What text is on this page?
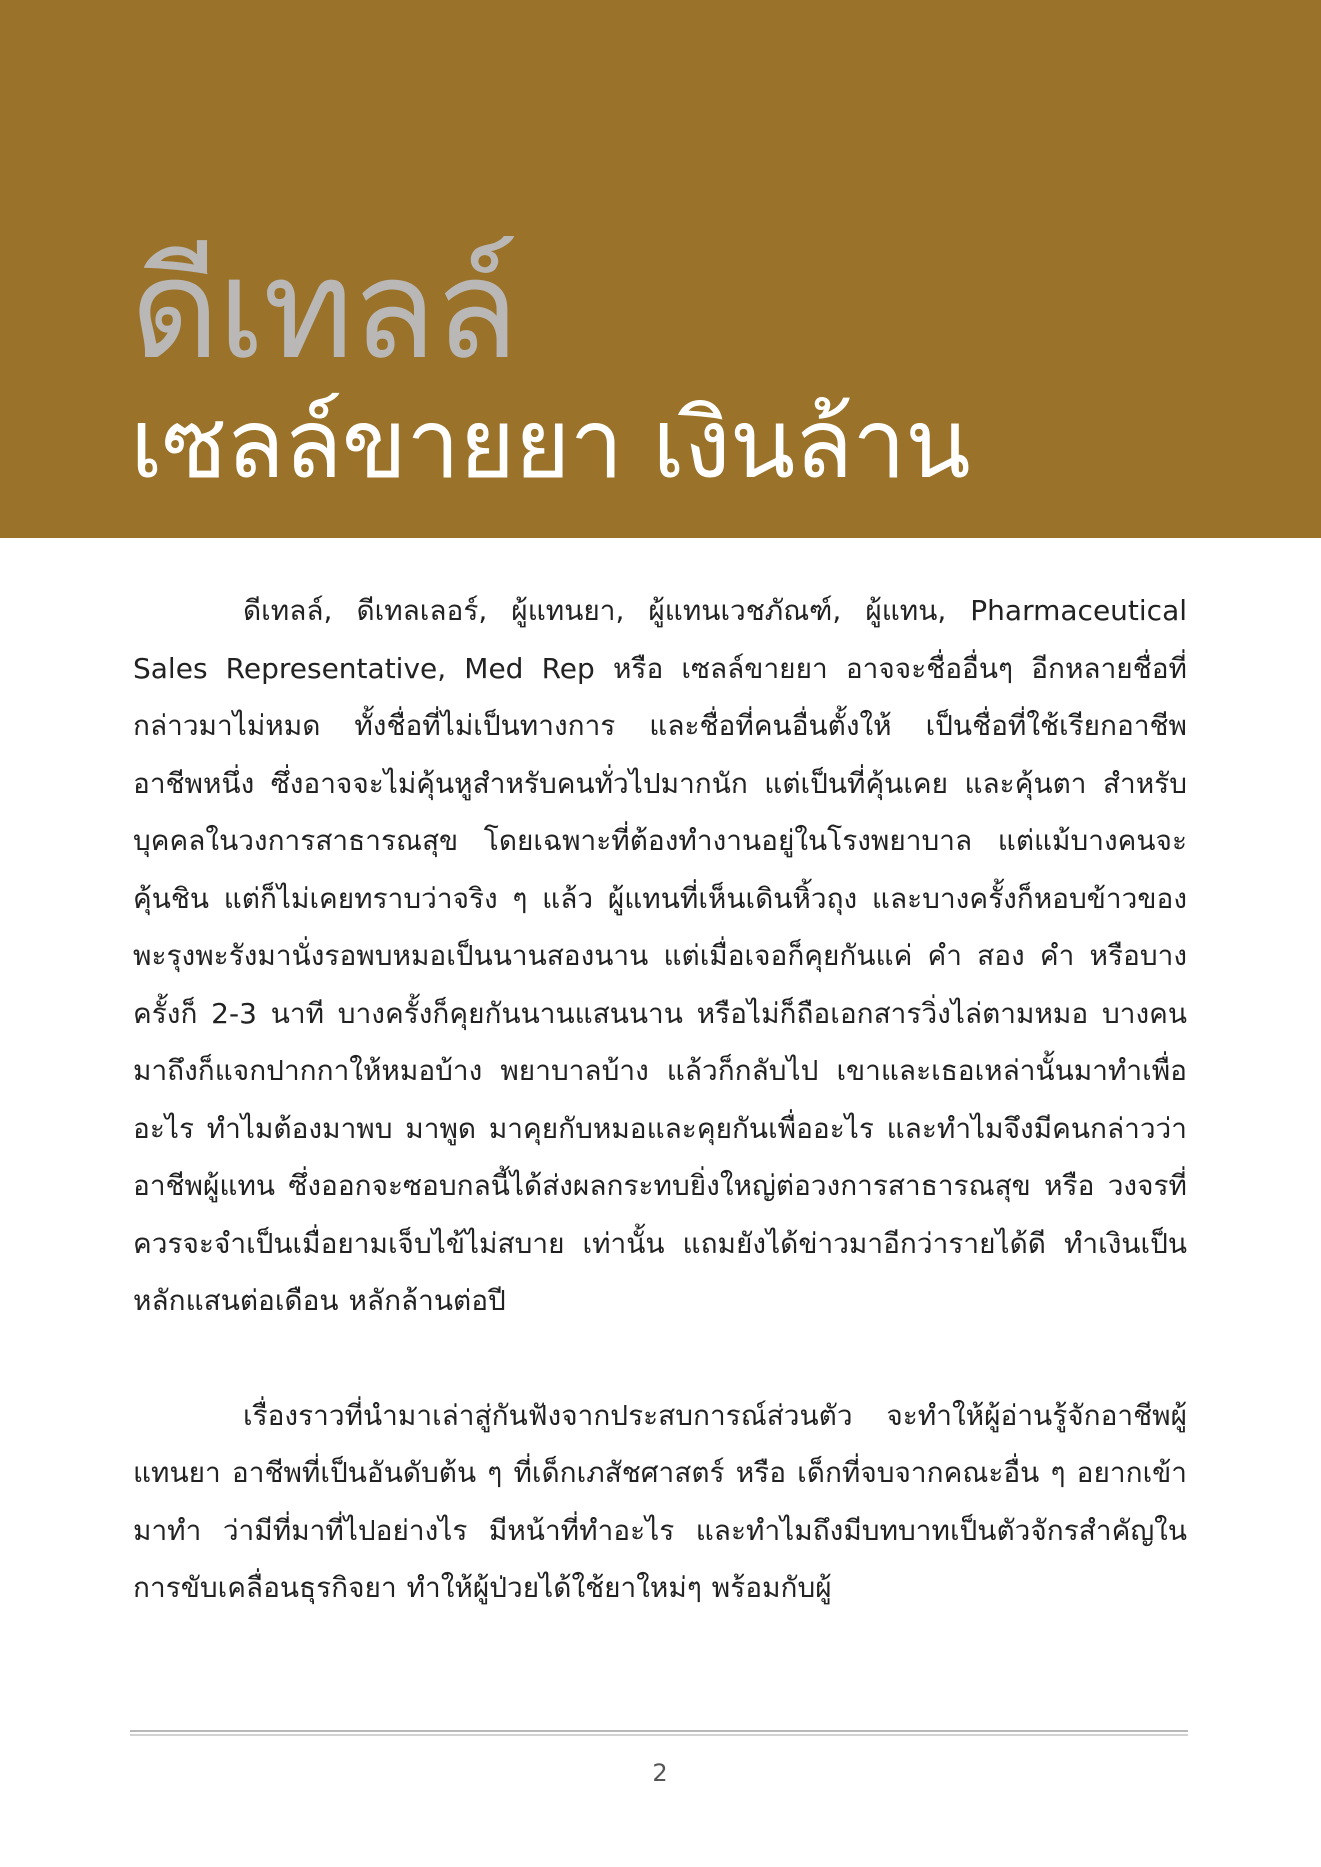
ดีเทลล์
เซลล์ขายยา เงินล้าน

ดีเทลล์, ดีเทลเลอร์, ผู้แทนยา, ผู้แทนเวชภัณฑ์, ผู้แทน, Pharmaceutical Sales Representative, Med Rep หรือ เซลล์ขายยา อาจจะชื่ออื่นๆ อีกหลายชื่อที่กล่าวมาไม่หมด ทั้งชื่อที่ไม่เป็นทางการ และชื่อที่คนอื่นตั้งให้ เป็นชื่อที่ใช้เรียกอาชีพ อาชีพหนึ่ง ซึ่งอาจจะไม่คุ้นหูสำหรับคนทั่วไปมากนัก แต่เป็นที่คุ้นเคย และคุ้นตา สำหรับบุคคลในวงการสาธารณสุข โดยเฉพาะที่ต้องทำงานอยู่ในโรงพยาบาล แต่แม้บางคนจะคุ้นชิน แต่ก็ไม่เคยทราบว่าจริง ๆ แล้ว ผู้แทนที่เห็นเดินหิ้วถุง และบางครั้งก็หอบข้าวของพะรุงพะรังมานั่งรอพบหมอเป็นนานสองนาน แต่เมื่อเจอก็คุยกันแค่ คำ สอง คำ หรือบางครั้งก็ 2-3 นาที บางครั้งก็คุยกันนานแสนนาน หรือไม่ก็ถือเอกสารวิ่งไล่ตามหมอ บางคนมาถึงก็แจกปากกาให้หมอบ้าง พยาบาลบ้าง แล้วก็กลับไป เขาและเธอเหล่านั้นมาทำเพื่ออะไร ทำไมต้องมาพบ มาพูด มาคุยกับหมอและคุยกันเพื่ออะไร และทำไมจึงมีคนกล่าวว่า อาชีพผู้แทน ซึ่งออกจะซอบกลนี้ได้ส่งผลกระทบยิ่งใหญ่ต่อวงการสาธารณสุข หรือ วงจรที่ควรจะจำเป็นเมื่อยามเจ็บไข้ไม่สบาย เท่านั้น แถมยังได้ข่าวมาอีกว่ารายได้ดี ทำเงินเป็นหลักแสนต่อเดือน หลักล้านต่อปี

เรื่องราวที่นำมาเล่าสู่กันฟังจากประสบการณ์ส่วนตัว จะทำให้ผู้อ่านรู้จักอาชีพผู้แทนยา อาชีพที่เป็นอันดับต้น ๆ ที่เด็กเภสัชศาสตร์ หรือ เด็กที่จบจากคณะอื่น ๆ อยากเข้ามาทำ ว่ามีที่มาที่ไปอย่างไร มีหน้าที่ทำอะไร และทำไมถึงมีบทบาทเป็นตัวจักรสำคัญในการขับเคลื่อนธุรกิจยา ทำให้ผู้ป่วยได้ใช้ยาใหม่ๆ พร้อมกับผู้

2
